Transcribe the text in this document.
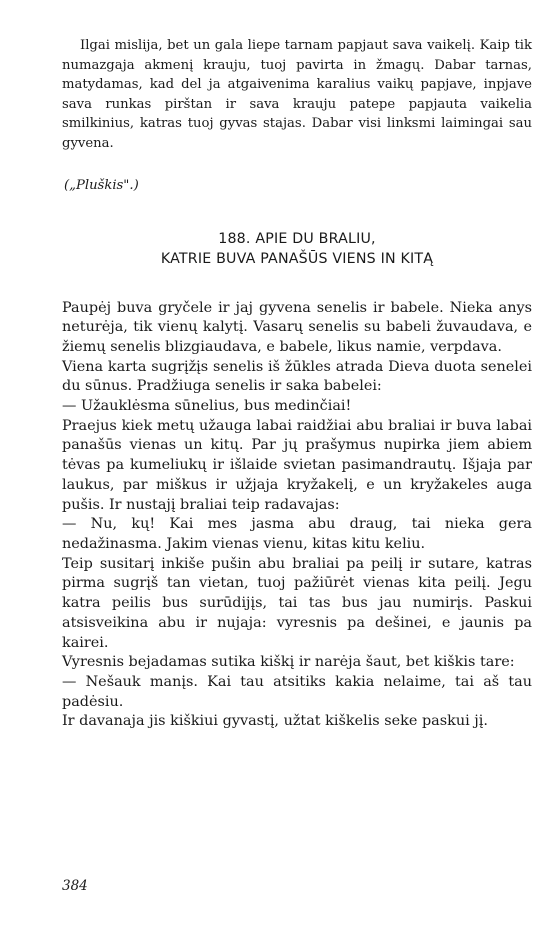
Ilgai mislija, bet un gala liepe tarnam papjaut sava vaikelį. Kaip tik numazgaja akmenį krauju, tuoj pavirta in žmagų. Dabar tarnas, matydamas, kad del ja atgaivenima karalius vaikų papjave, inpjave sava runkas pirštan ir sava krauju patepe papjauta vaikelia smilkinius, katras tuoj gyvas stajas. Dabar visi linksmi laimingai sau gyvena.

(„Pluškis".)
188. APIE DU BRALIU,
KATRIE BUVA PANAŠŪS VIENS IN KITĄ

Paupėj buva gryčele ir jaj gyvena senelis ir babele. Nieka anys neturėja, tik vienų kalytį. Vasarų senelis su babeli žuvaudava, e žiemų senelis blizgiaudava, e babele, likus namie, verpdava.

Viena karta sugrįžįs senelis iš žūkles atrada Dieva duota senelei du sūnus. Pradžiuga senelis ir saka babelei:

— Užauklėsma sūnelius, bus medinčiai!

Praejus kiek metų užauga labai raidžiai abu braliai ir buva labai panašūs vienas un kitų. Par jų prašymus nupirka jiem abiem tėvas pa kumeliukų ir išlaide svietan pasimandrautų. Išjaja par laukus, par miškus ir užjaja kryžakelį, e un kryžakeles auga pušis. Ir nustajį braliai teip radavajas:

— Nu, kų! Kai mes jasma abu draug, tai nieka gera nedažinasma. Jakim vienas vienu, kitas kitu keliu.

Teip susitarį inkiše pušin abu braliai pa peilį ir sutare, katras pirma sugrįš tan vietan, tuoj pažiūrėt vienas kita peilį. Jegu katra peilis bus surūdijįs, tai tas bus jau numirįs. Paskui atsisveikina abu ir nujaja: vyresnis pa dešinei, e jaunis pa kairei.

Vyresnis bejadamas sutika kiškį ir narėja šaut, bet kiškis tare:

— Nešauk manįs. Kai tau atsitiks kakia nelaime, tai aš tau padėsiu.

Ir davanaja jis kiškiui gyvastį, užtat kiškelis seke paskui jį.

384
